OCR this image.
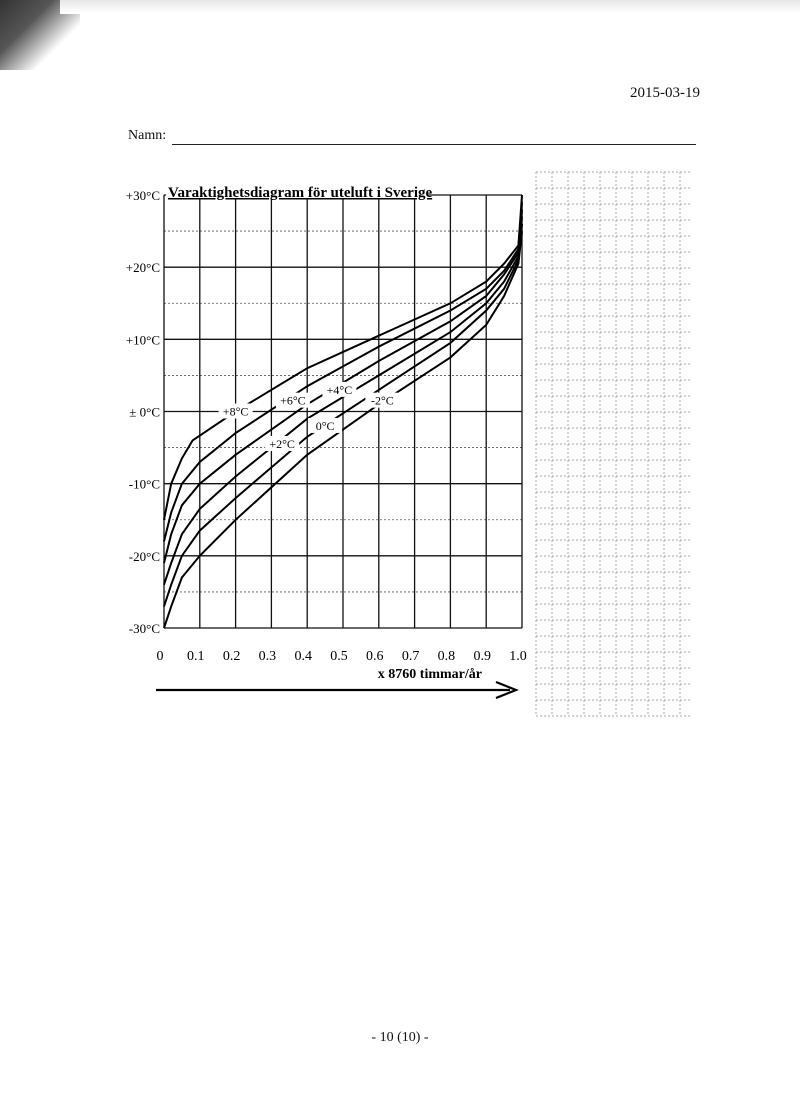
2015-03-19
Namn:
+8°C
+6°C
+4°C
-2°C
0°C
+2°C
+30°C
+20°C
+10°C
± 0°C
-10°C
-20°C
-30°C
0 0.1 0.2 0.3 0.4 0.5 0.6 0.7 0.8 0.9 1.0
Varaktighetsdiagram för uteluft i Sverige
x 8760 timmar/år
- 10 (10) -
